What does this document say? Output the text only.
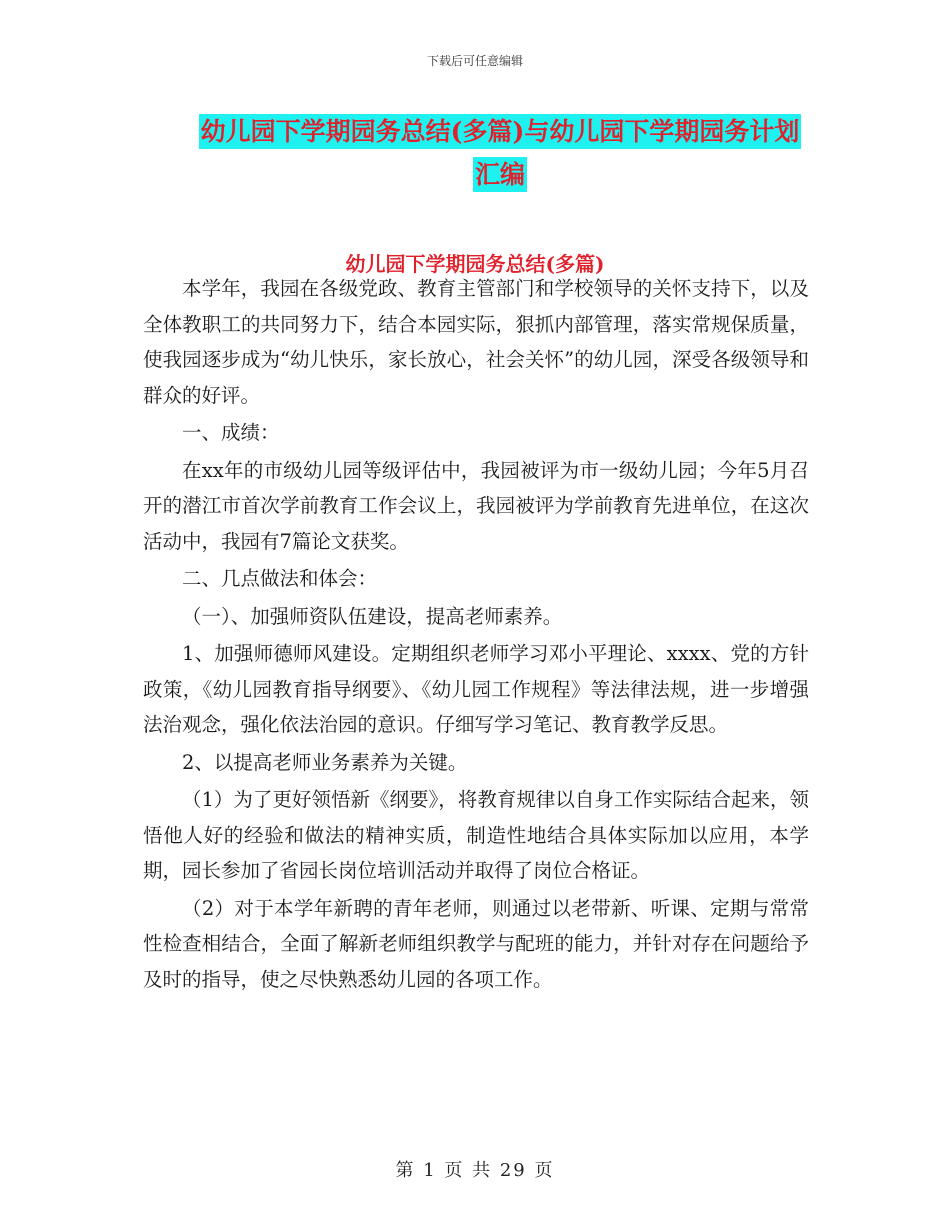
下载后可任意编辑
幼儿园下学期园务总结(多篇)与幼儿园下学期园务计划汇编
幼儿园下学期园务总结(多篇)

本学年，我园在各级党政、教育主管部门和学校领导的关怀支持下，以及全体教职工的共同努力下，结合本园实际，狠抓内部管理，落实常规保质量，使我园逐步成为“幼儿快乐，家长放心，社会关怀”的幼儿园，深受各级领导和群众的好评。

一、成绩：

在xx年的市级幼儿园等级评估中，我园被评为市一级幼儿园；今年5月召开的潜江市首次学前教育工作会议上，我园被评为学前教育先进单位，在这次活动中，我园有7篇论文获奖。

二、几点做法和体会：

（一）、加强师资队伍建设，提高老师素养。

1、加强师德师风建设。定期组织老师学习邓小平理论、xxxx、党的方针政策，《幼儿园教育指导纲要》、《幼儿园工作规程》等法律法规，进一步增强法治观念，强化依法治园的意识。仔细写学习笔记、教育教学反思。

2、以提高老师业务素养为关键。

（1）为了更好领悟新《纲要》，将教育规律以自身工作实际结合起来，领悟他人好的经验和做法的精神实质，制造性地结合具体实际加以应用，本学期，园长参加了省园长岗位培训活动并取得了岗位合格证。

（2）对于本学年新聘的青年老师，则通过以老带新、听课、定期与常常性检查相结合，全面了解新老师组织教学与配班的能力，并针对存在问题给予及时的指导，使之尽快熟悉幼儿园的各项工作。

第 1 页 共 29 页
